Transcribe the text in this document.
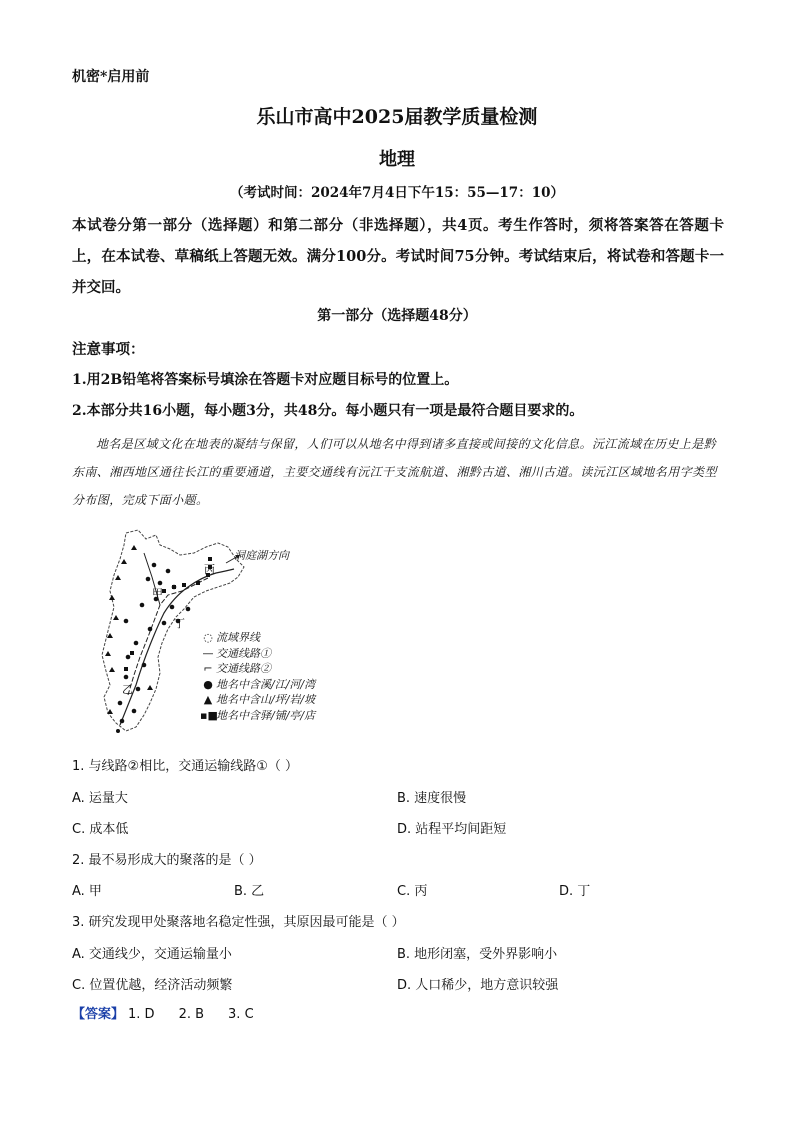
机密*启用前
乐山市高中2025届教学质量检测
地理
（考试时间：2024年7月4日下午15：55—17：10）
本试卷分第一部分（选择题）和第二部分（非选择题），共4页。考生作答时，须将答案答在答题卡上，在本试卷、草稿纸上答题无效。满分100分。考试时间75分钟。考试结束后，将试卷和答题卡一并交回。
第一部分（选择题48分）
注意事项：
1.用2B铅笔将答案标号填涂在答题卡对应题目标号的位置上。
2.本部分共16小题，每小题3分，共48分。每小题只有一项是最符合题目要求的。

地名是区域文化在地表的凝结与保留，人们可以从地名中得到诸多直接或间接的文化信息。沅江流域在历史上是黔东南、湘西地区通往长江的重要通道，主要交通线有沅江干支流航道、湘黔古道、湘川古道。读沅江区域地名用字类型分布图，完成下面小题。

洞庭湖方向
丙
甲
丁
乙
◌ 流域界线
— 交通线路①
⌐ 交通线路②
● 地名中含溪/江/河/湾
▲ 地名中含山/坪/岩/坡
▪■地名中含驿/铺/亭/店
1. 与线路②相比，交通运输线路①（ ）
A. 运量大	B. 速度很慢
C. 成本低	D. 站程平均间距短
2. 最不易形成大的聚落的是（ ）
A. 甲	B. 乙	C. 丙	D. 丁
3. 研究发现甲处聚落地名稳定性强，其原因最可能是（ ）
A. 交通线少，交通运输量小	B. 地形闭塞，受外界影响小
C. 位置优越，经济活动频繁	D. 人口稀少，地方意识较强
【答案】 1. D 2. B 3. C
